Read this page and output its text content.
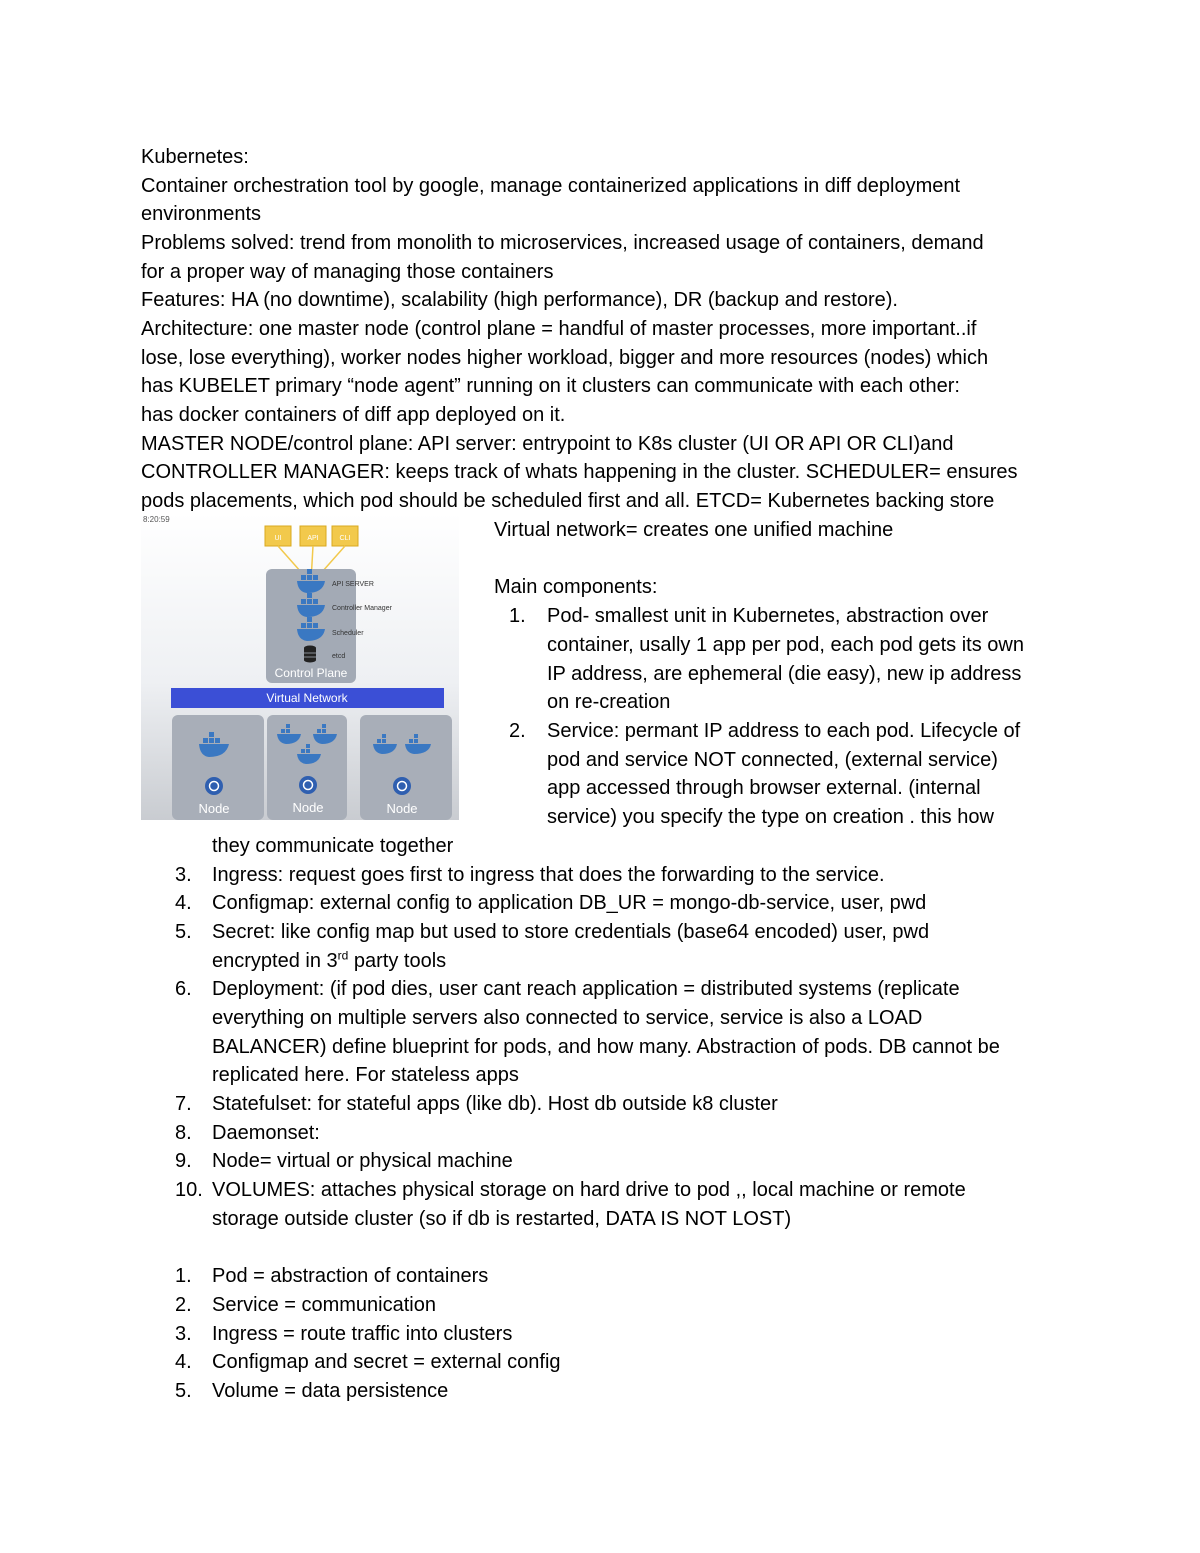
Kubernetes:
Container orchestration tool by google, manage containerized applications in diff deployment
environments
Problems solved: trend from monolith to microservices, increased usage of containers, demand
for a proper way of managing those containers
Features: HA (no downtime), scalability (high performance), DR (backup and restore).
Architecture: one master node (control plane = handful of master processes, more important..if
lose, lose everything), worker nodes higher workload, bigger and more resources (nodes) which
has KUBELET primary “node agent” running on it clusters can communicate with each other:
has docker containers of diff app deployed on it.
MASTER NODE/control plane: API server: entrypoint to K8s cluster (UI OR API OR CLI)and
CONTROLLER MANAGER: keeps track of whats happening in the cluster. SCHEDULER= ensures
pods placements, which pod should be scheduled first and all. ETCD= Kubernetes backing store
8:20:59
UI	API	CLI
API SERVER
Controller Manager
Scheduler
etcd
Control Plane
Virtual Network
Node	Node	Node
Virtual network= creates one unified machine
Main components:
1. Pod- smallest unit in Kubernetes, abstraction over
container, usally 1 app per pod, each pod gets its own
IP address, are ephemeral (die easy), new ip address
on re-creation
2. Service: permant IP address to each pod. Lifecycle of
pod and service NOT connected, (external service)
app accessed through browser external. (internal
service) you specify the type on creation . this how
they communicate together
3. Ingress: request goes first to ingress that does the forwarding to the service.
4. Configmap: external config to application DB_UR = mongo-db-service, user, pwd
5. Secret: like config map but used to store credentials (base64 encoded) user, pwd
encrypted in 3rd party tools
6. Deployment: (if pod dies, user cant reach application = distributed systems (replicate
everything on multiple servers also connected to service, service is also a LOAD
BALANCER) define blueprint for pods, and how many. Abstraction of pods. DB cannot be
replicated here. For stateless apps
7. Statefulset: for stateful apps (like db). Host db outside k8 cluster
8. Daemonset:
9. Node= virtual or physical machine
10. VOLUMES: attaches physical storage on hard drive to pod ,, local machine or remote
storage outside cluster (so if db is restarted, DATA IS NOT LOST)
1. Pod = abstraction of containers
2. Service = communication
3. Ingress = route traffic into clusters
4. Configmap and secret = external config
5. Volume = data persistence
